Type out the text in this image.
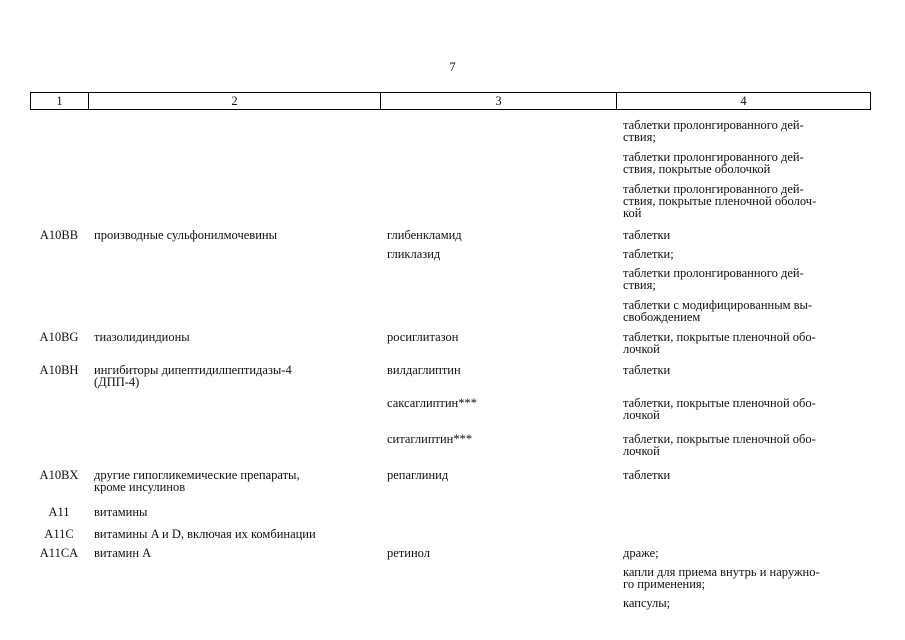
7
1	2	3	4
таблетки пролонгированного дей-
ствия;
таблетки пролонгированного дей-
ствия, покрытые оболочкой
таблетки пролонгированного дей-
ствия, покрытые пленочной оболоч-
кой
A10BB	производные сульфонилмочевины	глибенкламид	таблетки
гликлазид	таблетки;
таблетки пролонгированного дей-
ствия;
таблетки с модифицированным вы-
свобождением
A10BG	тиазолидиндионы	росиглитазон	таблетки, покрытые пленочной обо-
лочкой
A10BH	ингибиторы дипептидилпептидазы-4
(ДПП-4)
вилдаглиптин	таблетки
саксаглиптин***	таблетки, покрытые пленочной обо-
лочкой
ситаглиптин***	таблетки, покрытые пленочной обо-
лочкой
A10BX	другие гипогликемические препараты,
кроме инсулинов
репаглинид	таблетки
A11	витамины
A11C	витамины A и D, включая их комбинации
A11CA	витамин A	ретинол	драже;
капли для приема внутрь и наружно-
го применения;
капсулы;
